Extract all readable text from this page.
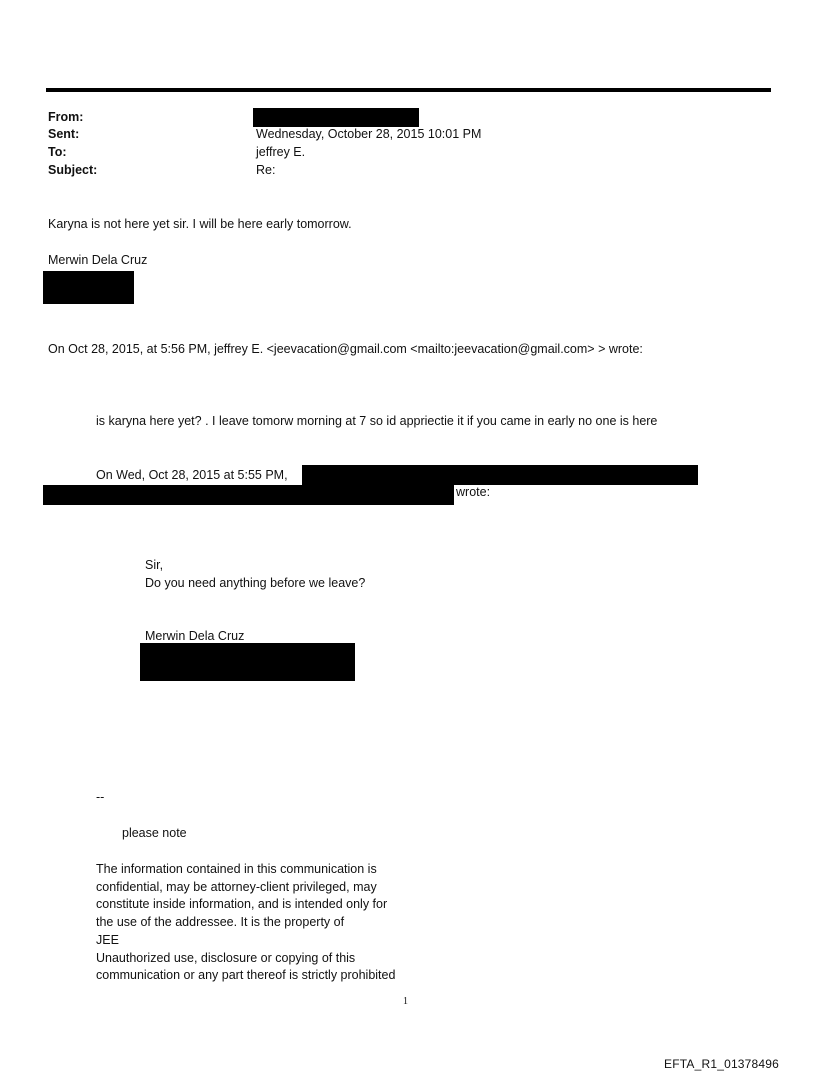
From:
Sent:	Wednesday, October 28, 2015 10:01 PM
To:	jeffrey E.
Subject:	Re:
Karyna is not here yet sir. I will be here early tomorrow.
Merwin Dela Cruz
On Oct 28, 2015, at 5:56 PM, jeffrey E. <jeevacation@gmail.com <mailto:jeevacation@gmail.com> > wrote:
is karyna here yet? . I leave tomorw morning at 7 so id appriectie it if you came in early no one is here
On Wed, Oct 28, 2015 at 5:55 PM,
wrote:
Sir,
Do you need anything before we leave?
Merwin Dela Cruz
--
please note
The information contained in this communication is
confidential, may be attorney-client privileged, may
constitute inside information, and is intended only for
the use of the addressee. It is the property of
JEE
Unauthorized use, disclosure or copying of this
communication or any part thereof is strictly prohibited
1
EFTA_R1_01378496
